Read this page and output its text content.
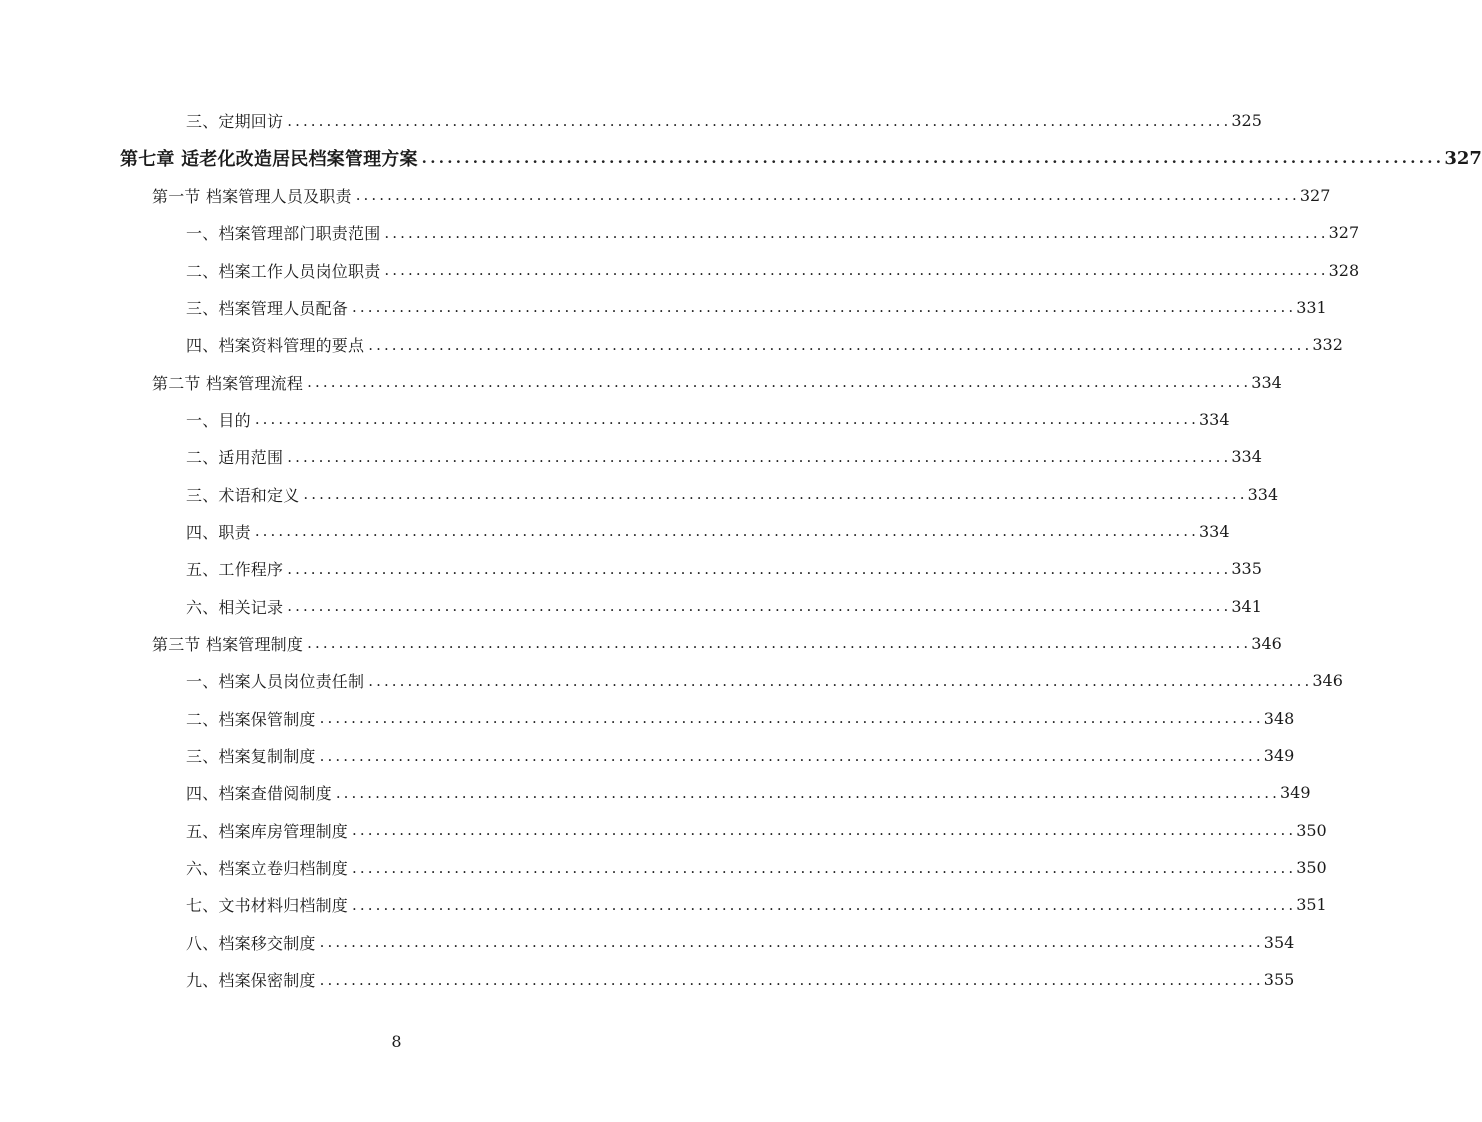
三、定期回访 ........................................................................................................................ 325
第七章 适老化改造居民档案管理方案 ........................................................................................................................ 327
第一节 档案管理人员及职责 ........................................................................................................................ 327
一、档案管理部门职责范围 ........................................................................................................................ 327
二、档案工作人员岗位职责 ........................................................................................................................ 328
三、档案管理人员配备 ........................................................................................................................ 331
四、档案资料管理的要点 ........................................................................................................................ 332
第二节 档案管理流程 ........................................................................................................................ 334
一、目的 ........................................................................................................................ 334
二、适用范围 ........................................................................................................................ 334
三、术语和定义 ........................................................................................................................ 334
四、职责 ........................................................................................................................ 334
五、工作程序 ........................................................................................................................ 335
六、相关记录 ........................................................................................................................ 341
第三节 档案管理制度 ........................................................................................................................ 346
一、档案人员岗位责任制 ........................................................................................................................ 346
二、档案保管制度 ........................................................................................................................ 348
三、档案复制制度 ........................................................................................................................ 349
四、档案查借阅制度 ........................................................................................................................ 349
五、档案库房管理制度 ........................................................................................................................ 350
六、档案立卷归档制度 ........................................................................................................................ 350
七、文书材料归档制度 ........................................................................................................................ 351
八、档案移交制度 ........................................................................................................................ 354
九、档案保密制度 ........................................................................................................................ 355
8
